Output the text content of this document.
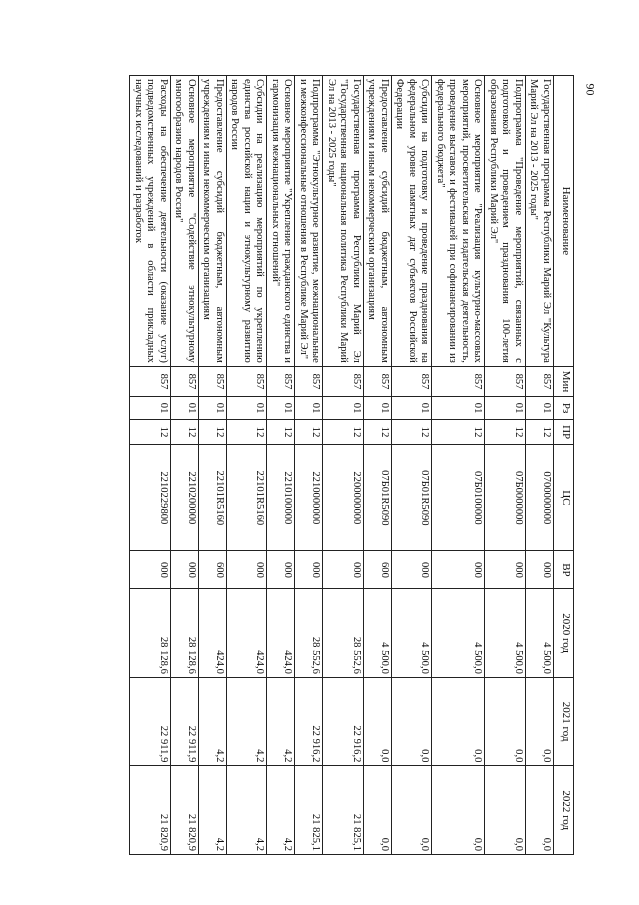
90
Наименование	Мин	Рз	ПР	ЦС	ВР	2020 год	2021 год	2022 год
Государственная программа Республики Марий Эл "Культура Марий Эл на 2013 - 2025 годы"	857	01	12	0700000000	000	4 500,0	0,0	0,0
Подпрограмма "Проведение мероприятий, связанных с подготовкой и проведением празднования 100-летия образования Республики Марий Эл"	857	01	12	07Б0000000	000	4 500,0	0,0	0,0
Основное мероприятие "Реализация культурно-массовых мероприятий, просветительская и издательская деятельность, проведение выставок и фестивалей при софинансировании из федерального бюджета"	857	01	12	07Б0100000	000	4 500,0	0,0	0,0
Субсидии на подготовку и проведение празднования на федеральном уровне памятных дат субъектов Российской Федерации	857	01	12	07Б01R5090	000	4 500,0	0,0	0,0
Предоставление субсидий бюджетным, автономным учреждениям и иным некоммерческим организациям	857	01	12	07Б01R5090	600	4 500,0	0,0	0,0
Государственная программа Республики Марий Эл "Государственная национальная политика Республики Марий Эл на 2013 - 2025 годы"	857	01	12	2200000000	000	28 552,6	22 916,2	21 825,1
Подпрограмма "Этнокультурное развитие, межнациональные и межконфессиональные отношения в Республике Марий Эл"	857	01	12	2210000000	000	28 552,6	22 916,2	21 825,1
Основное мероприятие "Укрепление гражданского единства и гармонизация межнациональных отношений"	857	01	12	2210100000	000	424,0	4,2	4,2
Субсидии на реализацию мероприятий по укреплению единства российской нации и этнокультурному развитию народов России	857	01	12	22101R5160	000	424,0	4,2	4,2
Предоставление субсидий бюджетным, автономным учреждениям и иным некоммерческим организациям	857	01	12	22101R5160	600	424,0	4,2	4,2
Основное мероприятие "Содействие этнокультурному многообразию народов России"	857	01	12	2210200000	000	28 128,6	22 911,9	21 820,9
Расходы на обеспечение деятельности (оказание услуг) подведомственных учреждений в области прикладных научных исследований и разработок	857	01	12	2210229800	000	28 128,6	22 911,9	21 820,9
